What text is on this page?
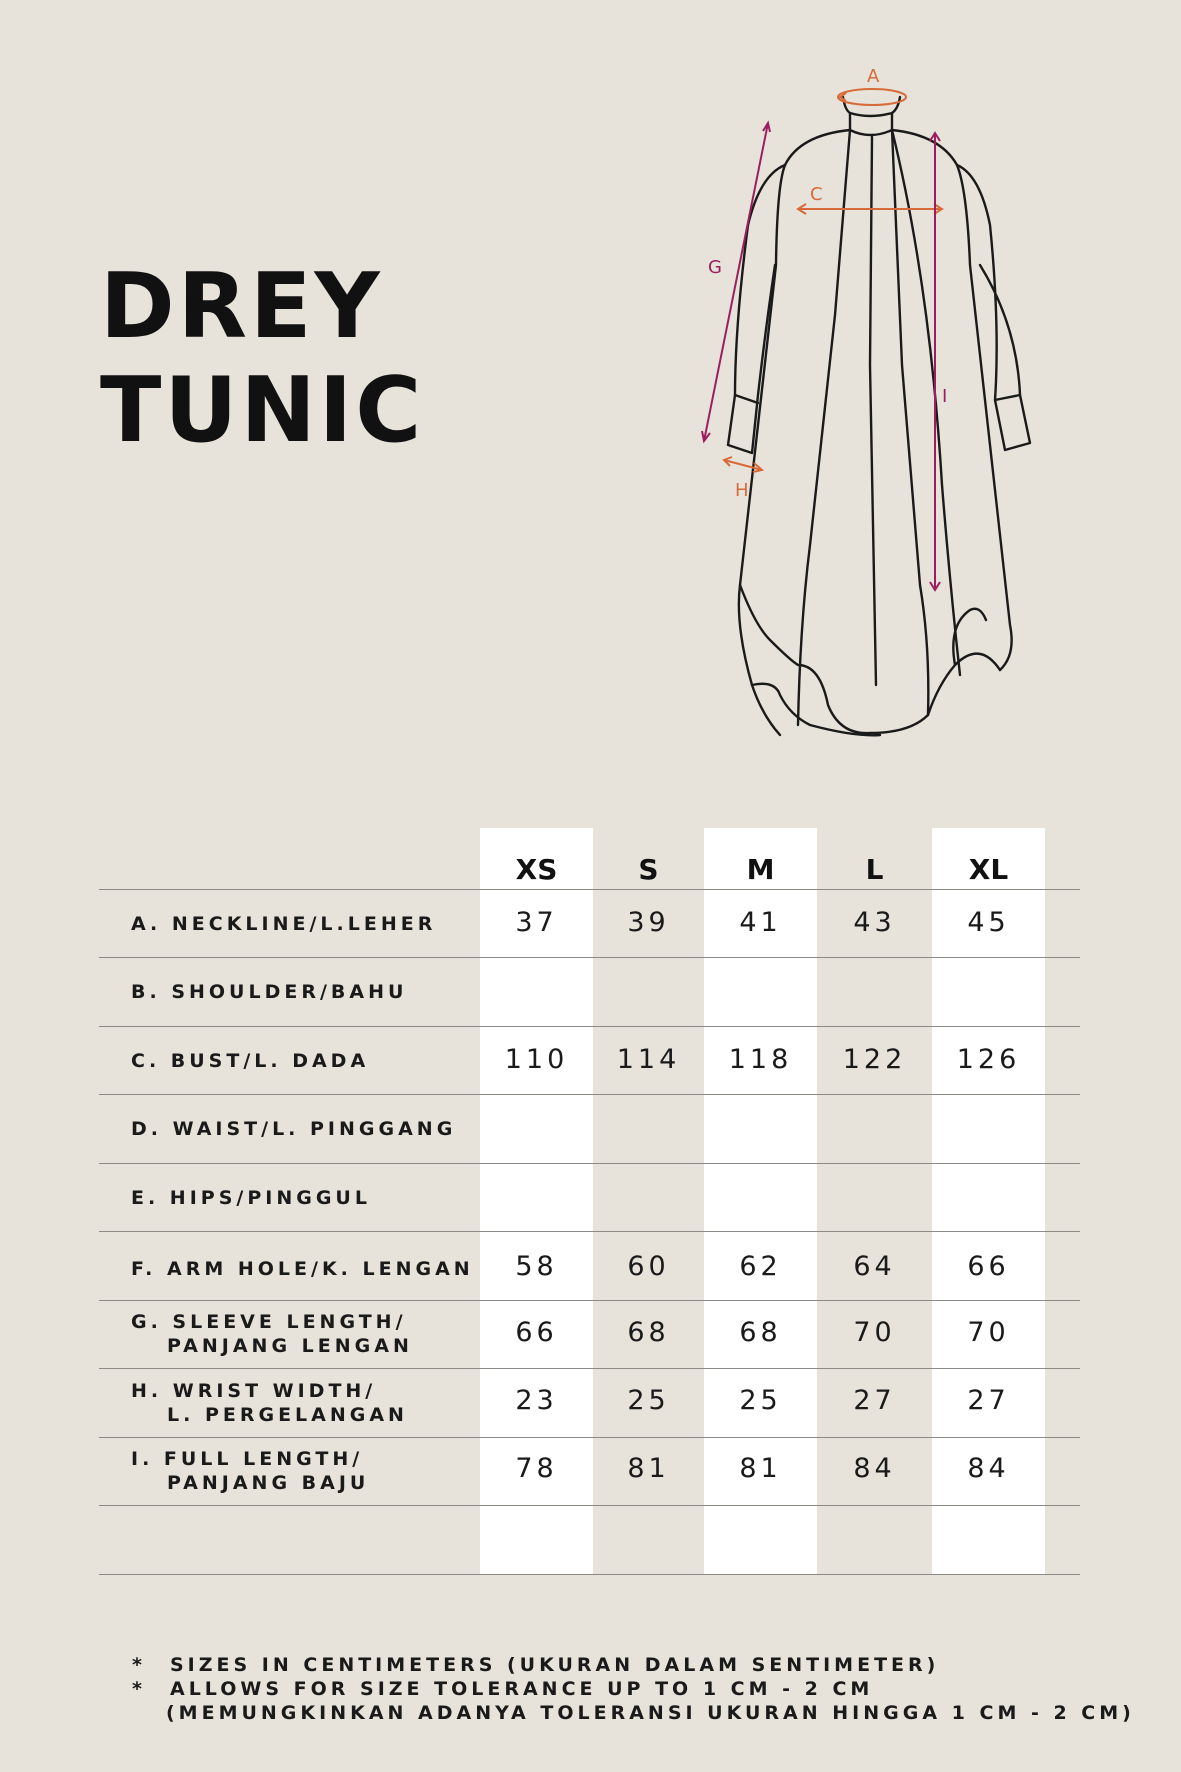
DREY
TUNIC
A
C
G
H
I
XS	S	M	L	XL
A. NECKLINE/L.LEHER	37	39	41	43	45
B. SHOULDER/BAHU
C. BUST/L. DADA	110	114	118	122	126
D. WAIST/L. PINGGANG
E. HIPS/PINGGUL
F. ARM HOLE/K. LENGAN	58	60	62	64	66
G. SLEEVE LENGTH/
PANJANG LENGAN	66	68	68	70	70
H. WRIST WIDTH/
L. PERGELANGAN	23	25	25	27	27
I. FULL LENGTH/
PANJANG BAJU	78	81	81	84	84
* SIZES IN CENTIMETERS (UKURAN DALAM SENTIMETER)
* ALLOWS FOR SIZE TOLERANCE UP TO 1 CM - 2 CM
(MEMUNGKINKAN ADANYA TOLERANSI UKURAN HINGGA 1 CM - 2 CM)
